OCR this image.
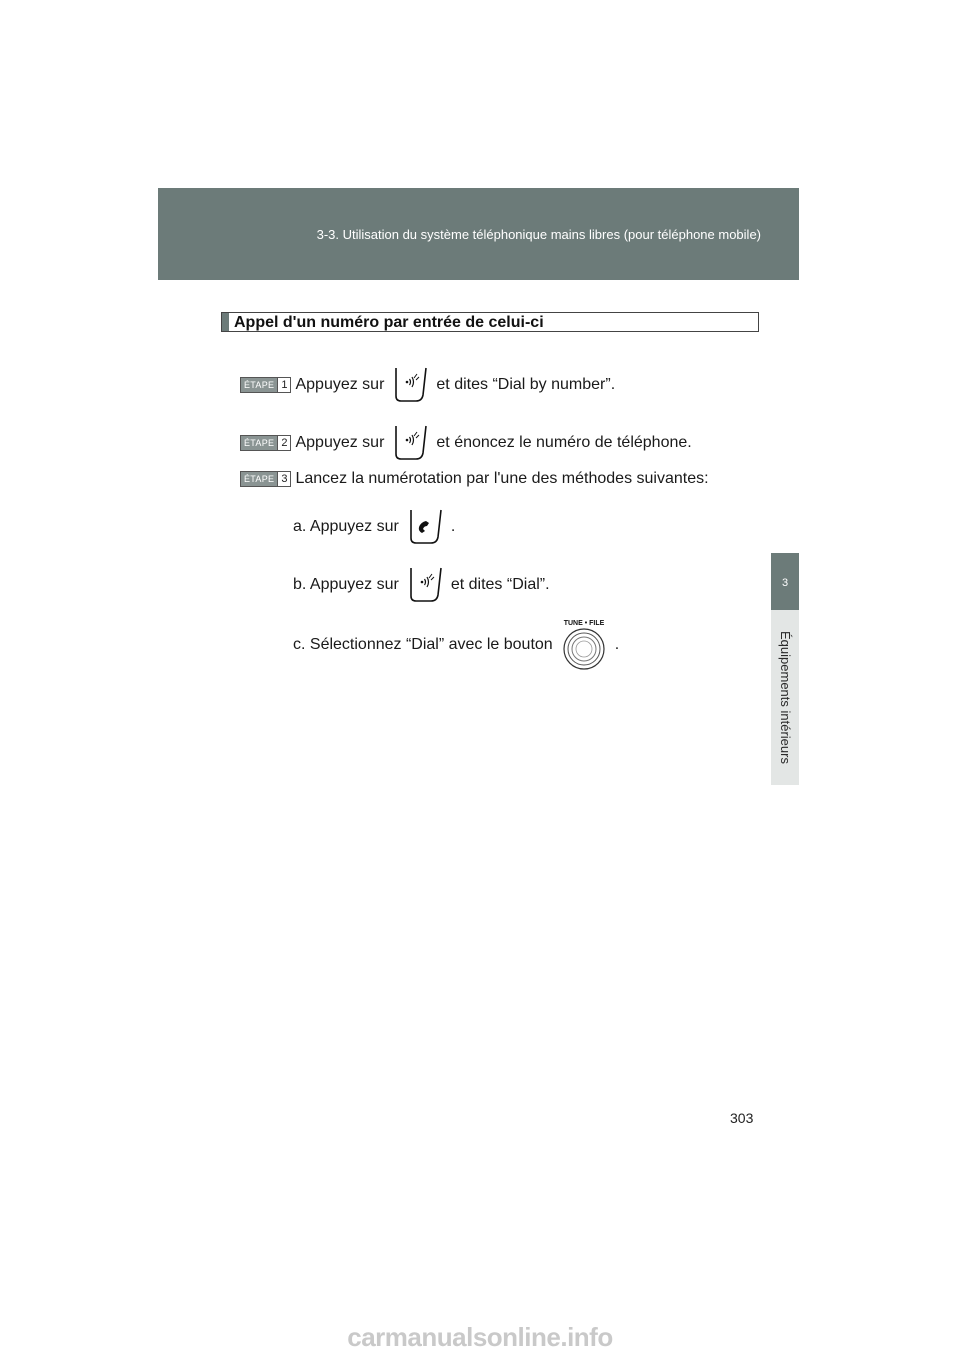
3-3. Utilisation du système téléphonique mains libres (pour téléphone mobile)
3
Équipements intérieurs
Appel d'un numéro par entrée de celui-ci
ÉTAPE 1 Appuyez sur	et dites “Dial by number”.
ÉTAPE 2 Appuyez sur	et énoncez le numéro de téléphone.
ÉTAPE 3 Lancez la numérotation par l'une des méthodes suivantes:
a. Appuyez sur	.
b. Appuyez sur	et dites “Dial”.
c. Sélectionnez “Dial” avec le bouton
TUNE • FILE
.
303
carmanualsonline.info
